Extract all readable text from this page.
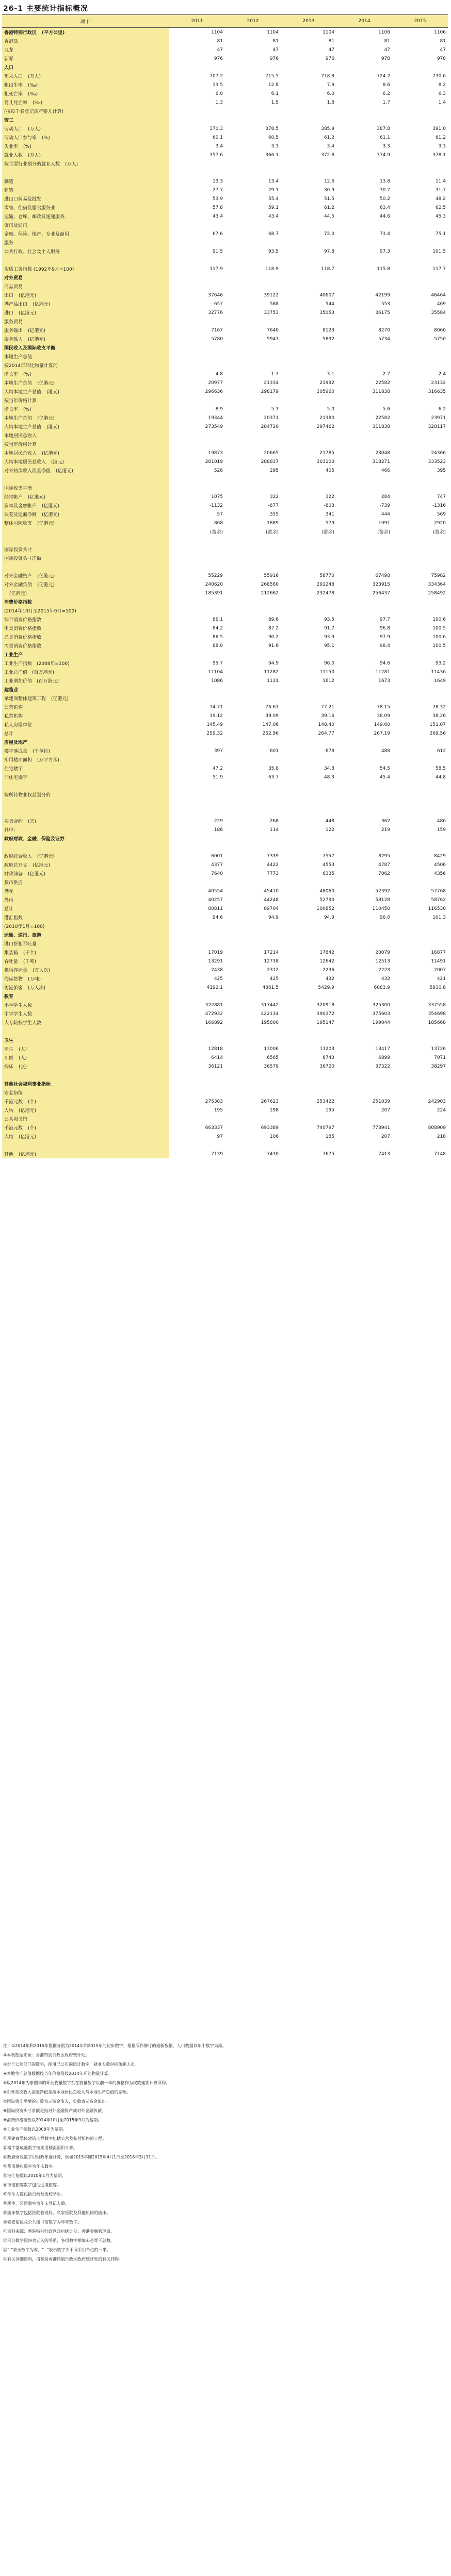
26-1 主要统计指标概况
项 目	2011	2012	2013	2014	2015
香港特别行政区 (平方公里)	1104	1104	1104	1106	1106
香港岛	81	81	81	81	81
九龙	47	47	47	47	47
新界	976	976	976	978	978
人口					
年末人口 (万人)	707.2	715.5	718.8	724.2	730.6
粗出生率 (‰)	13.5	12.8	7.9	8.6	8.2
粗死亡率 (‰)	6.0	6.1	6.0	6.2	6.3
婴儿死亡率 (‰)	1.3	1.5	1.8	1.7	1.4
(按每千名登记活产婴儿计算)					
劳工					
劳动人口 (万人)	370.3	378.5	385.9	387.8	391.0
劳动人口参与率 (%)	60.1	60.5	61.2	61.1	61.2
失业率 (%)	3.4	3.3	3.4	3.3	3.3
就业人数 (万人)	357.6	366.1	372.8	374.9	378.1
按主要行业划分的就业人数 (万人)					

制造	13.3	13.4	12.6	13.8	11.4
建筑	27.7	29.1	30.9	30.7	31.7
进出口贸易及批发	53.9	55.4	51.5	50.2	48.2
零售、住宿及膳食服务业	57.8	59.1	61.2	63.4	62.5
运输、仓库、邮政及速递服务、	43.4	43.4	44.5	44.6	45.3
资讯及通讯					
金融、保险、地产、专业及商用	67.6	68.7	72.0	73.4	75.1
服务					
公共行政、社会及个人服务	91.5	93.5	97.8	97.3	101.5

实质工资指数 (1992年9月=100)	117.9	118.9	118.7	115.8	117.7
对外贸易					
商品贸易					
出口 (亿港元)	37646	39122	40607	42199	46464
港产品出口 (亿港元)	657	588	544	553	469
进口 (亿港元)	32776	33753	35053	36175	35584
服务贸易					
服务输出 (亿港元)	7167	7640	8123	8270	8060
服务输入 (亿港元)	5780	5943	5832	5734	5750
国民收入及国际收支平衡					
本地生产总值					
按2014年环比物量计算的					
增长率 (%)	4.8	1.7	3.1	2.7	2.4
本地生产总值 (亿港元)	20977	21334	21992	22582	23132
人均本地生产总值 (港元)	296636	298179	305960	311838	316635
按当年价格计算					
增长率 (%)	8.9	5.3	5.0	5.6	6.2
本地生产总值 (亿港元)	19344	20371	21380	22582	23971
人均本地生产总值 (港元)	273549	284720	297462	311838	328117
本地居民总收入					
按当年价格计算					
本地居民总收入 (亿港元)	19873	20665	21785	23048	24366
人均本地居民总收入 (港元)	281019	288837	303100	318271	333523
对外初次收入流量净值 (亿港元)	528	295	405	466	395

国际收支平衡					
经常帐户 (亿港元)	1075	322	322	284	747
资本及金融帐户 (亿港元)	-1132	-677	-803	-739	-1316
误差及遗漏净额 (亿港元)	57	355	341	444	569
整体国际收支 (亿港元)	868	1889	579	1091	2920
	(盈余)	(盈余)	(盈余)	(盈余)	(盈余)

国际投资头寸					
国际投资头寸净额					

对外金融资产 (亿港元)	55229	55916	58770	67498	75982
对外金融负债 (亿港元)	240620	268580	291248	323915	334364
(亿港元)	185391	212662	232478	256437	258492
消费价格指数					
(2014年10月至2015年9月=100)					
综合消费价格指数	86.1	89.6	93.5	97.7	100.6
甲类消费价格指数	84.2	87.2	91.7	96.8	100.5
乙类消费价格指数	86.5	90.2	93.9	97.9	100.6
丙类消费价格指数	88.0	91.6	95.1	98.4	100.5
工业生产					
工业生产指数　(2008年=100)	95.7	94.9	96.0	94.6	93.2
工业总产值　(百万港元)	11104	11282	11150	11281	11436
工业增加价值　(百万港元)	1086	1131	1612	1673	1649
建造业					
承建商整体建筑工程 (亿港元)					
公营机构	74.71	76.61	77.21	78.15	78.32
私营机构	39.12	39.09	39.16	38.09	38.26
私人房屋单位	145.49	147.06	148.40	149.60	151.07
总计	259.32	262.96	264.77	267.19	269.56
房屋及地产					
楼宇落成量 (千单位)	397	601	678	488	612
实用楼面面积 (万平方米)					
住宅楼宇	47.2	35.8	34.8	54.5	58.5
非住宅楼宇	51.9	63.7	48.3	45.4	44.8

按所持物业权益划分的					

买卖合约 (宗)	229	268	448	362	486
其中：	186	114	122	219	159
政府财政、金融、保险及证券					

政府综合收入 (亿港元)	6001	7339	7557	8295	8429
政府总开支 (亿港元)	4377	4422	4553	4787	4506
财政储备 (亿港元)	7640	7773	6335	7062	4356
货币供应					
港元	40554	45410	48060	52392	57768
外币	40257	44248	52790	58128	58762
总计	80811	89704	100852	110450	116530
港汇指数	94.6	94.9	94.9	96.0	101.3
(2010年1月=100)					
运输、通讯、旅游					
港口货柜吞吐量					
集装箱 (千个)	17019	17214	17842	20079	16877
吞吐量 (千吨)	13291	12738	12642	12513	11491
机场客运量 (万人次)	2438	2312	2236	2223	2007
海运货物 (万吨)	425	425	432	432	421
访港旅客 (万人次)	4192.1	4861.5	5429.9	6083.9	5930.8
教育					
小学学生人数	322881	317442	320918	325300	337558
中学学生人数	472932	422134	390372	375603	354698
大专院校学生人数	166892	195800	195147	199044	185668

卫生					
医生 (人)	12818	13006	13203	13417	13726
牙医 (人)	6414	6565	6743	6899	7071
病床 (张)	36121	36579	36720	37322	38297

其他社会福利事业指标					
安老宿位					
千港元数 (个)	275383	267623	253422	251039	242903
人均 (亿港元)	195	198	195	207	224
公共图书馆					
千港元数 (个)	663337	693389	740797	778941	808909
人均 (亿港元)	97	106	185	207	218

其他 (亿港元)	7139	7430	7675	7413	7148
注：①2014年和2015年数据分别为2014年和2015年的初步数字，根据所作修订的最新数据，人口数据以年中数字为准。
②本表数据来源：香港特别行政区政府统计处。
③对于公营部门的数字，使用已公布的统计数字，就业人数包括兼职人员。
④本地生产总值数据按当年价格及按2014年环比物量计算。
⑤以2014年为参照年的环比物量数字系在物量数字以前一年的价格作为权数连锁计算所得。
⑥对外初次收入流量净值是指本地居民总收入与本地生产总值的差额。
⑦国际收支平衡的正数表示资金流入，负数表示资金流出。
⑧国际投资头寸净额是指对外金融资产减对外金融负债。
⑨消费价格指数以2014年10月至2015年9月为基期。
⑩工业生产指数以2008年为基期。
⑪承建商整体建筑工程数字包括公营及私营机构的工程。
⑫楼宇落成量数字按实用楼面面积计算。
⑬政府财政数字以财政年度计算，例如2015年即2015年4月1日至2016年3月31日。
⑭货币供应数字为年末数字。
⑮港汇指数以2010年1月为基期。
⑯访港旅客数字包括过境旅客。
⑰学生人数包括日校及夜校学生。
⑱医生、牙医数字为年末登记人数。
⑲病床数字包括医院管理局、私家医院及其他机构的病床。
⑳安老宿位及公共图书馆数字为年末数字。
㉑资料来源：香港特别行政区政府统计处、香港金融管理局。
㉒部分数字因四舍五入的关系，各项数字相加未必等于总数。
㉓“-”表示数字为零，“..”表示数字少于所采用单位的一半。
㉔有关详细资料，请参阅香港特别行政区政府统计处的有关刊物。
